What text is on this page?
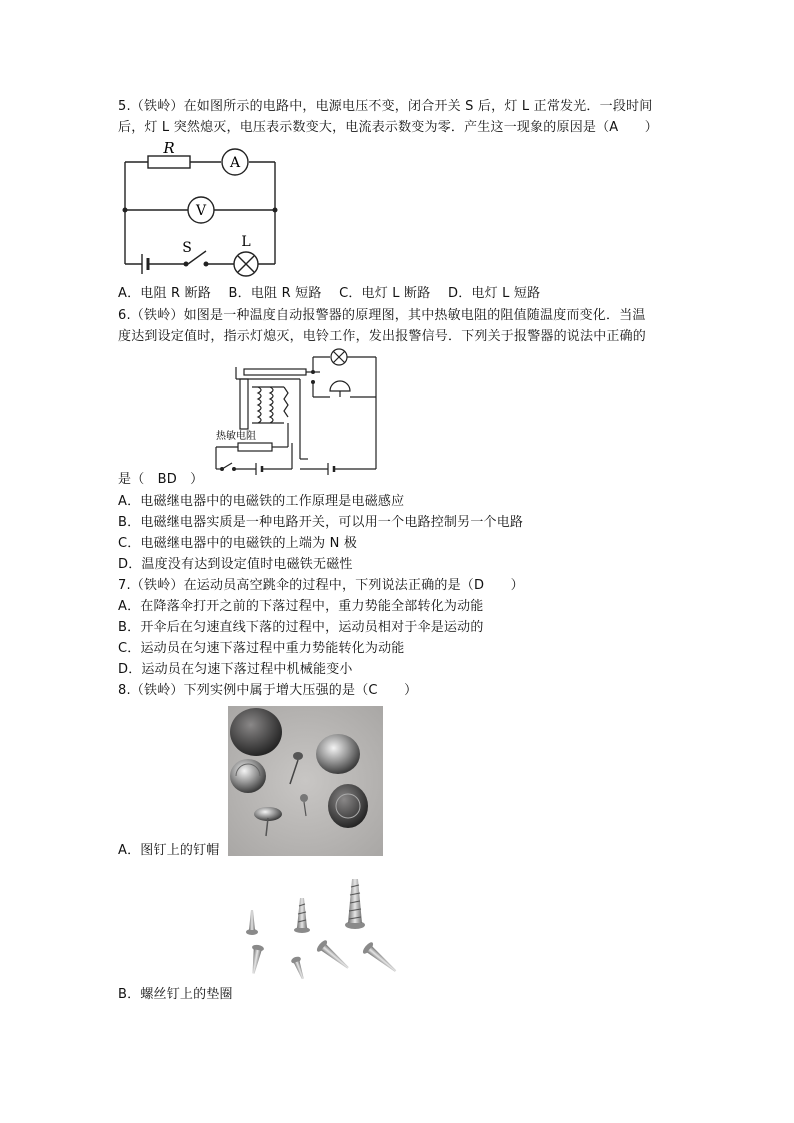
5.（铁岭）在如图所示的电路中，电源电压不变，闭合开关 S 后，灯 L 正常发光．一段时间
后，灯 L 突然熄灭，电压表示数变大，电流表示数变为零．产生这一现象的原因是（A　　）
R
A
V
S	L
A．电阻 R 断路　 B．电阻 R 短路　 C．电灯 L 断路　 D．电灯 L 短路
6.（铁岭）如图是一种温度自动报警器的原理图，其中热敏电阻的阻值随温度而变化．当温
度达到设定值时，指示灯熄灭，电铃工作，发出报警信号．下列关于报警器的说法中正确的
热敏电阻
是（　BD　）
A．电磁继电器中的电磁铁的工作原理是电磁感应
B．电磁继电器实质是一种电路开关，可以用一个电路控制另一个电路
C．电磁继电器中的电磁铁的上端为 N 极
D．温度没有达到设定值时电磁铁无磁性
7.（铁岭）在运动员高空跳伞的过程中，下列说法正确的是（D　　）
A．在降落伞打开之前的下落过程中，重力势能全部转化为动能
B．开伞后在匀速直线下落的过程中，运动员相对于伞是运动的
C．运动员在匀速下落过程中重力势能转化为动能
D．运动员在匀速下落过程中机械能变小
8.（铁岭）下列实例中属于增大压强的是（C　　）
A．图钉上的钉帽
B．螺丝钉上的垫圈
